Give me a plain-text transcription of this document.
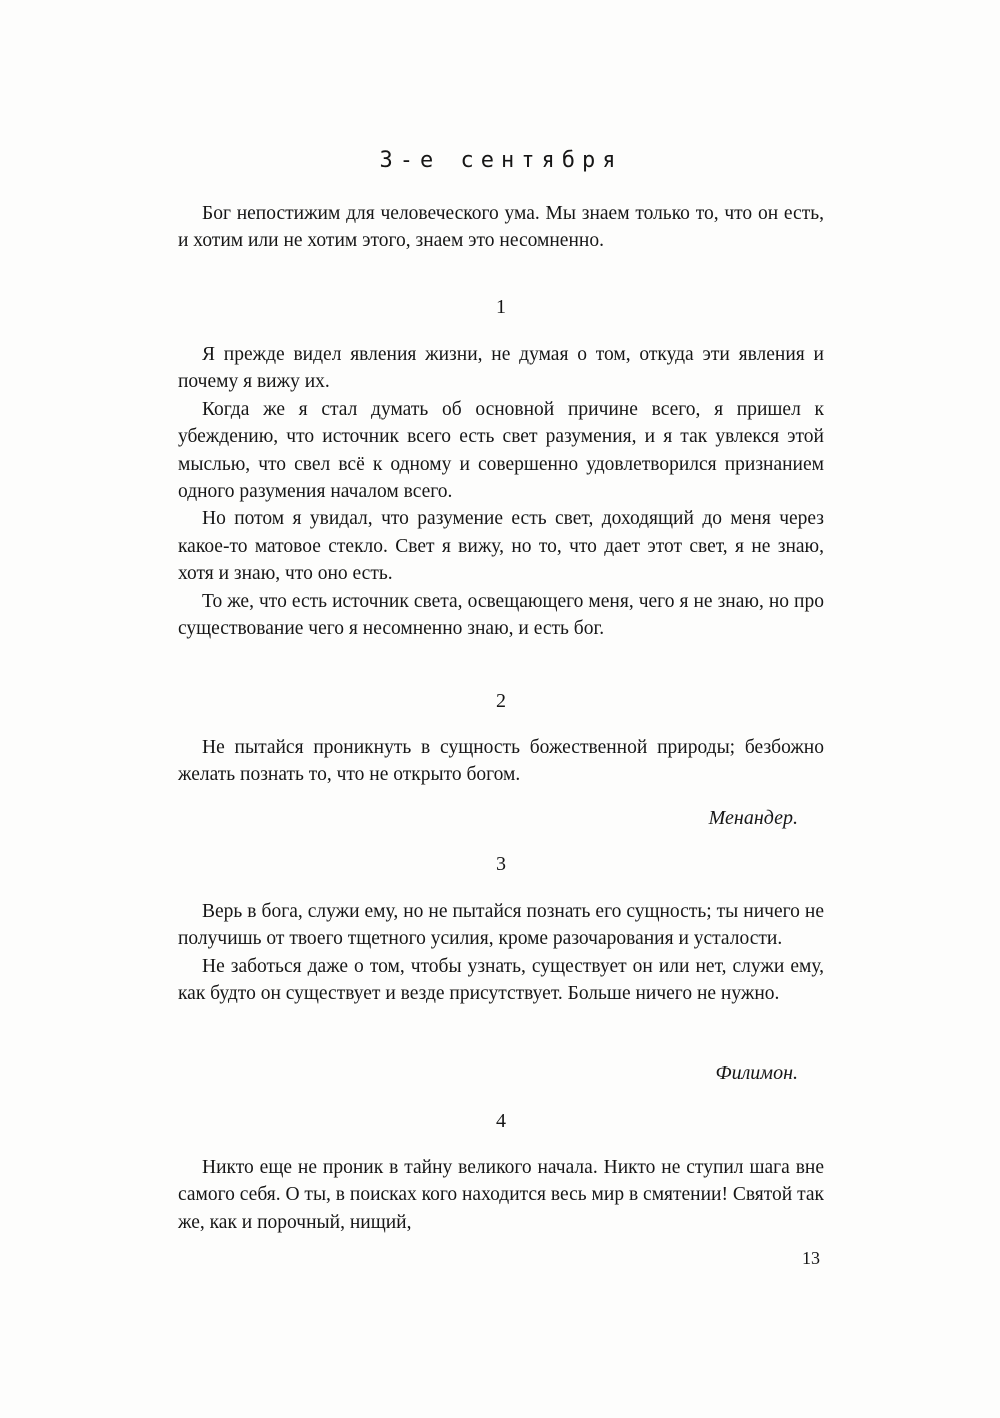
3-е сентября

Бог непостижим для человеческого ума. Мы знаем только то, что он есть, и хотим или не хотим этого, знаем это несомненно.

1

Я прежде видел явления жизни, не думая о том, откуда эти явления и почему я вижу их.

Когда же я стал думать об основной причине всего, я пришел к убеждению, что источник всего есть свет разумения, и я так увлекся этой мыслью, что свел всё к одному и совершенно удовлетворился признанием одного разумения началом всего.

Но потом я увидал, что разумение есть свет, доходящий до меня через какое-то матовое стекло. Свет я вижу, но то, что дает этот свет, я не знаю, хотя и знаю, что оно есть.

То же, что есть источник света, освещающего меня, чего я не знаю, но про существование чего я несомненно знаю, и есть бог.

2

Не пытайся проникнуть в сущность божественной природы; безбожно желать познать то, что не открыто богом.

Менандер.
3

Верь в бога, служи ему, но не пытайся познать его сущность; ты ничего не получишь от твоего тщетного усилия, кроме разочарования и усталости.

Не заботься даже о том, чтобы узнать, существует он или нет, служи ему, как будто он существует и везде присутствует. Больше ничего не нужно.

Филимон.
4

Никто еще не проник в тайну великого начала. Никто не ступил шага вне самого себя. О ты, в поисках кого находится весь мир в смятении! Святой так же, как и порочный, нищий,

13
